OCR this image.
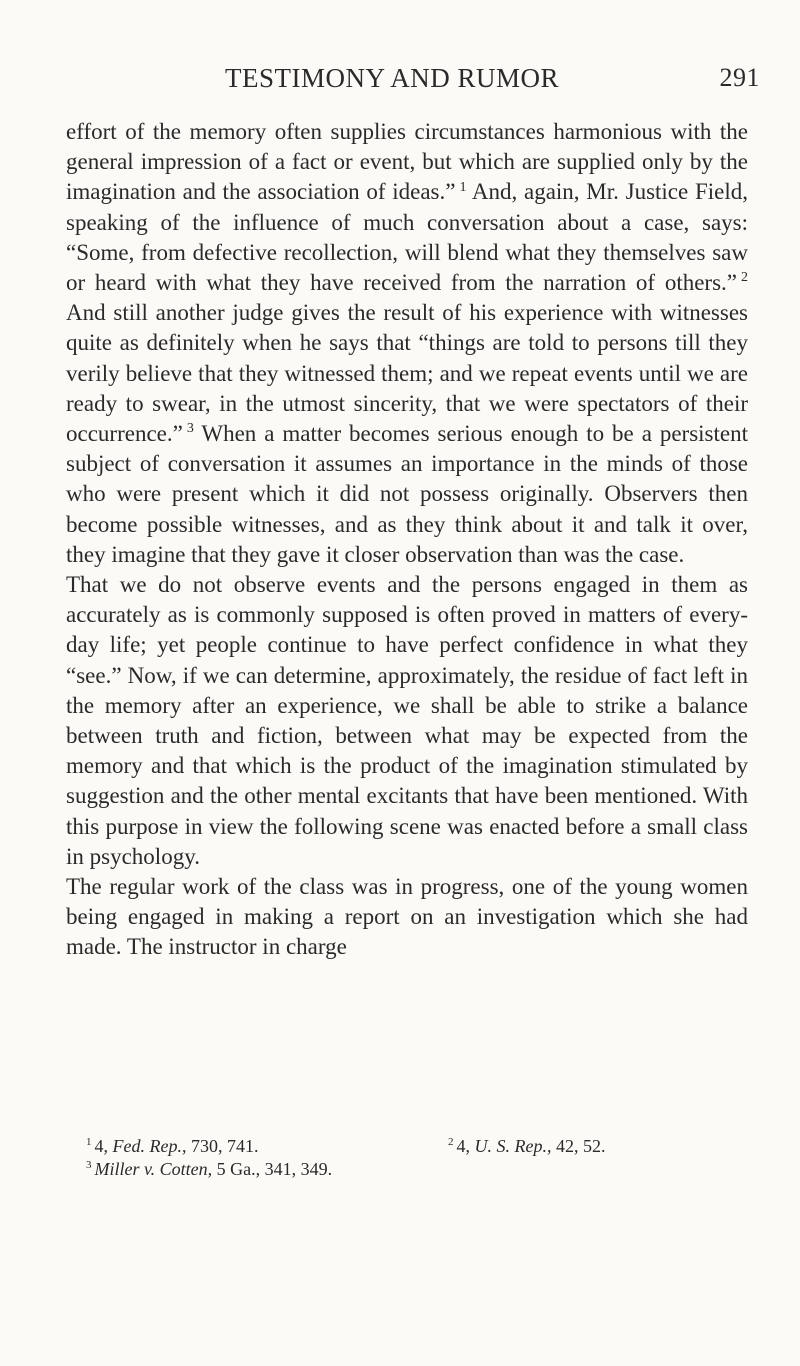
TESTIMONY AND RUMOR	291

effort of the memory often supplies circumstances harmonious with the general impression of a fact or event, but which are supplied only by the imagination and the association of ideas.” $^1$ And, again, Mr. Justice Field, speaking of the influence of much conversation about a case, says: “Some, from defective recollection, will blend what they themselves saw or heard with what they have received from the narration of others.” $^2$ And still another judge gives the result of his experience with witnesses quite as definitely when he says that “things are told to persons till they verily believe that they witnessed them; and we repeat events until we are ready to swear, in the utmost sincerity, that we were spectators of their occurrence.” $^3$ When a matter becomes serious enough to be a persistent subject of conversation it assumes an importance in the minds of those who were present which it did not possess originally. Observers then become possible witnesses, and as they think about it and talk it over, they imagine that they gave it closer observation than was the case.

That we do not observe events and the persons engaged in them as accurately as is commonly supposed is often proved in matters of every-day life; yet people continue to have perfect confidence in what they “see.” Now, if we can determine, approximately, the residue of fact left in the memory after an experience, we shall be able to strike a balance between truth and fiction, between what may be expected from the memory and that which is the product of the imagination stimulated by suggestion and the other mental excitants that have been mentioned. With this purpose in view the following scene was enacted before a small class in psychology.

The regular work of the class was in progress, one of the young women being engaged in making a report on an investigation which she had made. The instructor in charge

$^1$ 4, Fed. Rep., 730, 741.	$^2$ 4, U. S. Rep., 42, 52.
$^3$ Miller v. Cotten, 5 Ga., 341, 349.
